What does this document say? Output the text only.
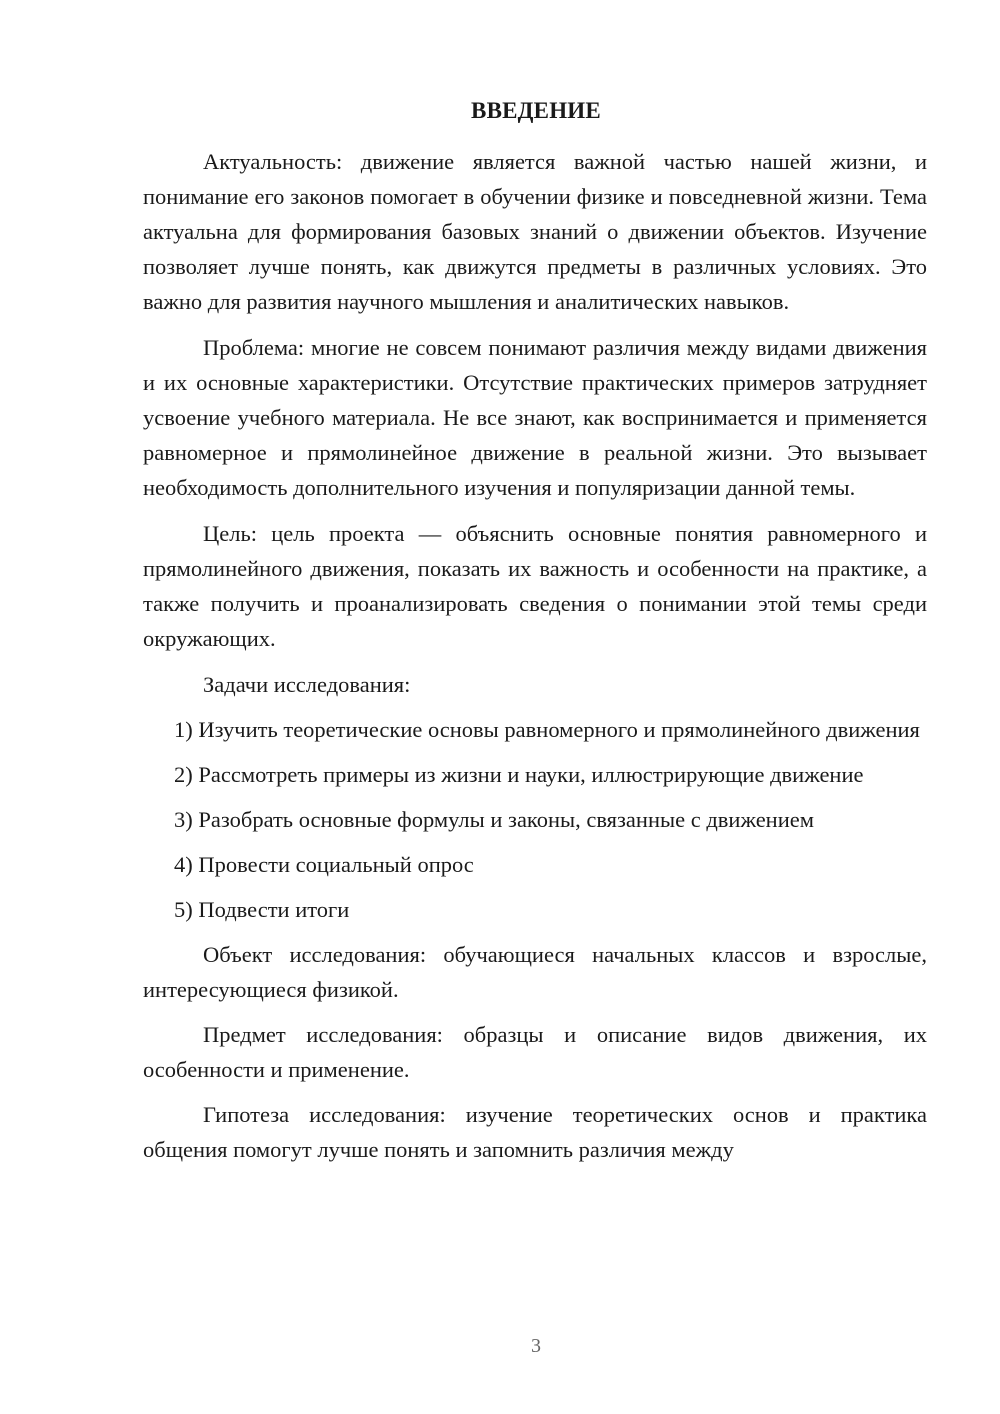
ВВЕДЕНИЕ

Актуальность: движение является важной частью нашей жизни, и понимание его законов помогает в обучении физике и повседневной жизни. Тема актуальна для формирования базовых знаний о движении объектов. Изучение позволяет лучше понять, как движутся предметы в различных условиях. Это важно для развития научного мышления и аналитических навыков.

Проблема: многие не совсем понимают различия между видами движения и их основные характеристики. Отсутствие практических примеров затрудняет усвоение учебного материала. Не все знают, как воспринимается и применяется равномерное и прямолинейное движение в реальной жизни. Это вызывает необходимость дополнительного изучения и популяризации данной темы.

Цель: цель проекта — объяснить основные понятия равномерного и прямолинейного движения, показать их важность и особенности на практике, а также получить и проанализировать сведения о понимании этой темы среди окружающих.

Задачи исследования:

1) Изучить теоретические основы равномерного и прямолинейного движения

2) Рассмотреть примеры из жизни и науки, иллюстрирующие движение

3) Разобрать основные формулы и законы, связанные с движением

4) Провести социальный опрос

5) Подвести итоги

Объект исследования: обучающиеся начальных классов и взрослые, интересующиеся физикой.

Предмет исследования: образцы и описание видов движения, их особенности и применение.

Гипотеза исследования: изучение теоретических основ и практика общения помогут лучше понять и запомнить различия между

3
